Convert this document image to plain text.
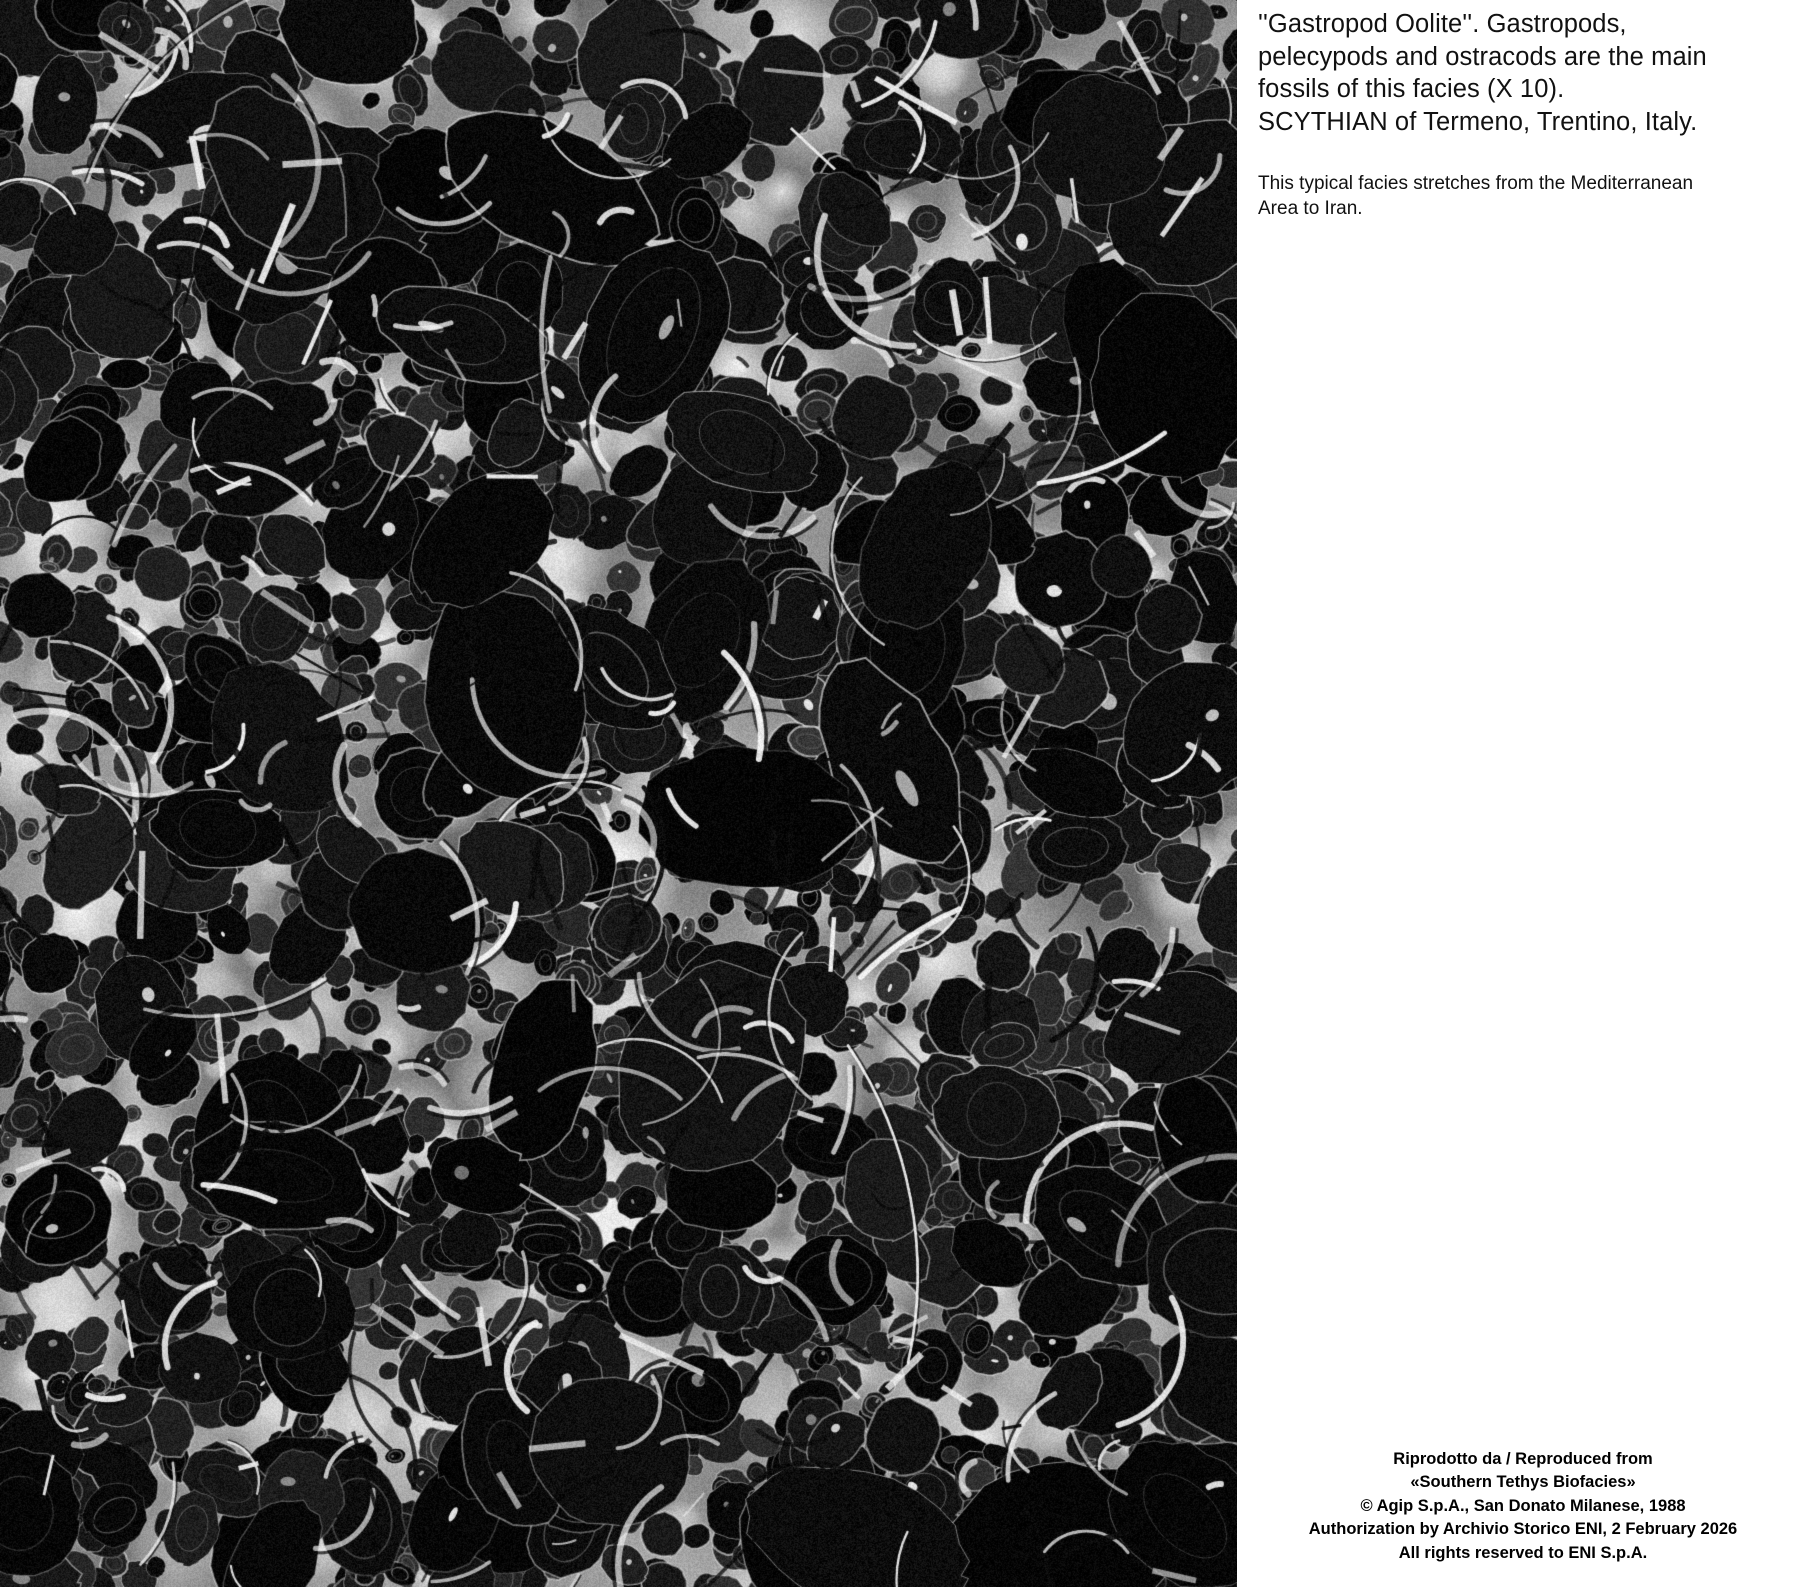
''Gastropod Oolite''. Gastropods,
pelecypods and ostracods are the main
fossils of this facies (X 10).
SCYTHIAN of Termeno, Trentino, Italy.
This typical facies stretches from the Mediterranean
Area to Iran.
Riprodotto da / Reproduced from
«Southern Tethys Biofacies»
© Agip S.p.A., San Donato Milanese, 1988
Authorization by Archivio Storico ENI, 2 February 2026
All rights reserved to ENI S.p.A.
